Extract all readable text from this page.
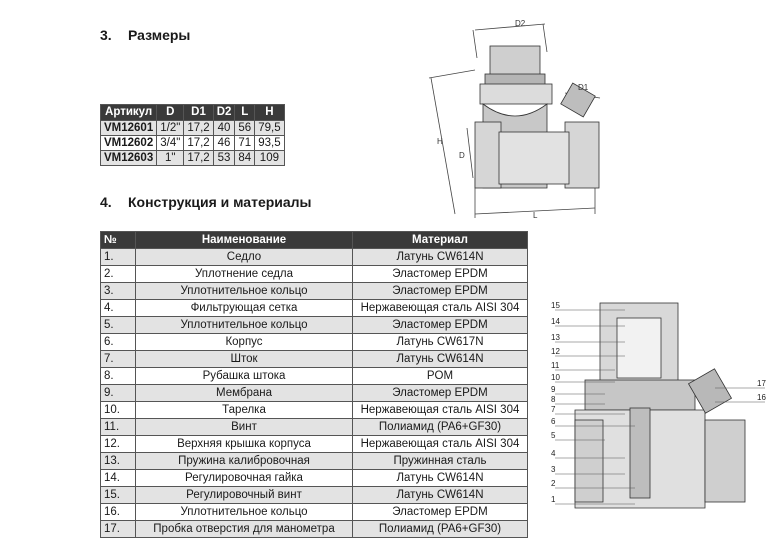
3. Размеры
4. Конструкция и материалы
Артикул	D	D1	D2	L	H
VM12601	1/2"	17,2	40	56	79,5
VM12602	3/4"	17,2	46	71	93,5
VM12603	1"	17,2	53	84	109
№	Наименование	Материал
1.	Седло	Латунь CW614N
2.	Уплотнение седла	Эластомер EPDM
3.	Уплотнительное кольцо	Эластомер EPDM
4.	Фильтрующая сетка	Нержавеющая сталь AISI 304
5.	Уплотнительное кольцо	Эластомер EPDM
6.	Корпус	Латунь CW617N
7.	Шток	Латунь CW614N
8.	Рубашка штока	POM
9.	Мембрана	Эластомер EPDM
10.	Тарелка	Нержавеющая сталь AISI 304
11.	Винт	Полиамид (PA6+GF30)
12.	Верхняя крышка корпуса	Нержавеющая сталь AISI 304
13.	Пружина калибровочная	Пружинная сталь
14.	Регулировочная гайка	Латунь CW614N
15.	Регулировочный винт	Латунь CW614N
16.	Уплотнительное кольцо	Эластомер EPDM
17.	Пробка отверстия для манометра	Полиамид (PA6+GF30)
D2
D1
H
D
L
15
14
13
12
11
10
9
8
7
6
5
4
3
2
1
17
16
